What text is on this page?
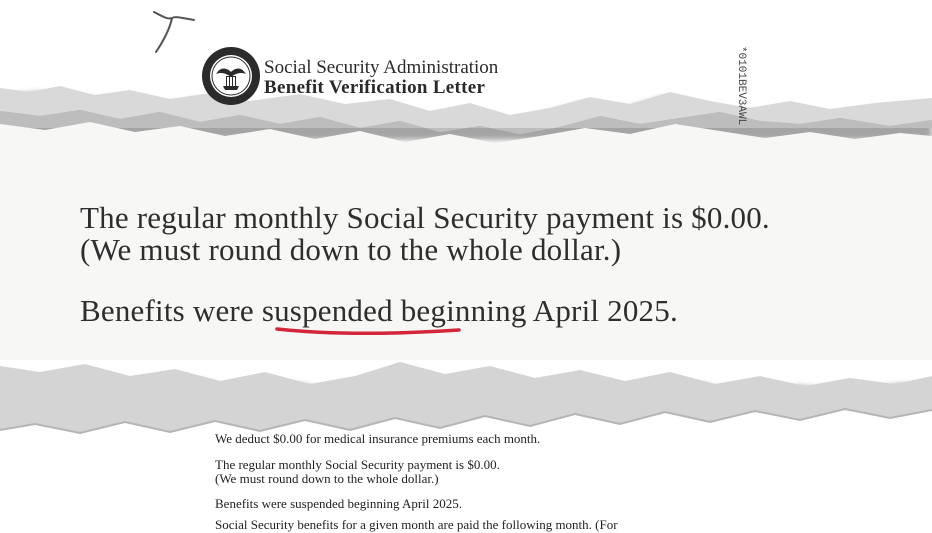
Social Security Administration
Benefit Verification Letter	*0101BEV3AWL
The regular monthly Social Security payment is $0.00.
(We must round down to the whole dollar.)
Benefits were suspended beginning April 2025.
We deduct $0.00 for medical insurance premiums each month.
The regular monthly Social Security payment is $0.00.
(We must round down to the whole dollar.)
Benefits were suspended beginning April 2025.
Social Security benefits for a given month are paid the following month. (For
